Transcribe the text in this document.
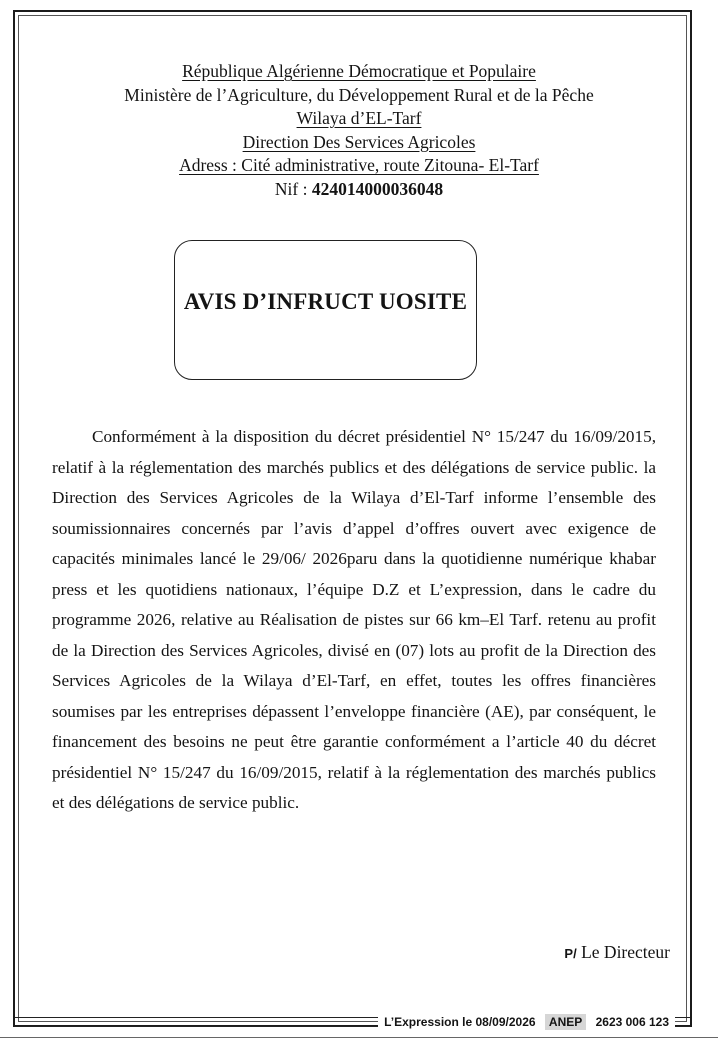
République Algérienne Démocratique et Populaire
Ministère de l’Agriculture, du Développement Rural et de la Pêche
Wilaya d’EL-Tarf
Direction Des Services Agricoles
Adress : Cité administrative, route Zitouna- El-Tarf
Nif : 424014000036048
AVIS D’INFRUCT UOSITE
Conformément à la disposition du décret présidentiel N° 15/247 du 16/09/2015, relatif à la réglementation des marchés publics et des délégations de service public. la Direction des Services Agricoles de la Wilaya d’El-Tarf informe l’ensemble des soumissionnaires concernés par l’avis d’appel d’offres ouvert avec exigence de capacités minimales lancé le 29/06/ 2026paru dans la quotidienne numérique khabar press et les quotidiens nationaux, l’équipe D.Z et L’expression, dans le cadre du programme 2026, relative au Réalisation de pistes sur 66 km–El Tarf. retenu au profit de la Direction des Services Agricoles, divisé en (07) lots au profit de la Direction des Services Agricoles de la Wilaya d’El-Tarf, en effet, toutes les offres financières soumises par les entreprises dépassent l’enveloppe financière (AE), par conséquent, le financement des besoins ne peut être garantie conformément a l’article 40 du décret présidentiel N° 15/247 du 16/09/2015, relatif à la réglementation des marchés publics et des délégations de service public.
P/ Le Directeur
L’Expression le 08/09/2026 ANEP 2623 006 123
